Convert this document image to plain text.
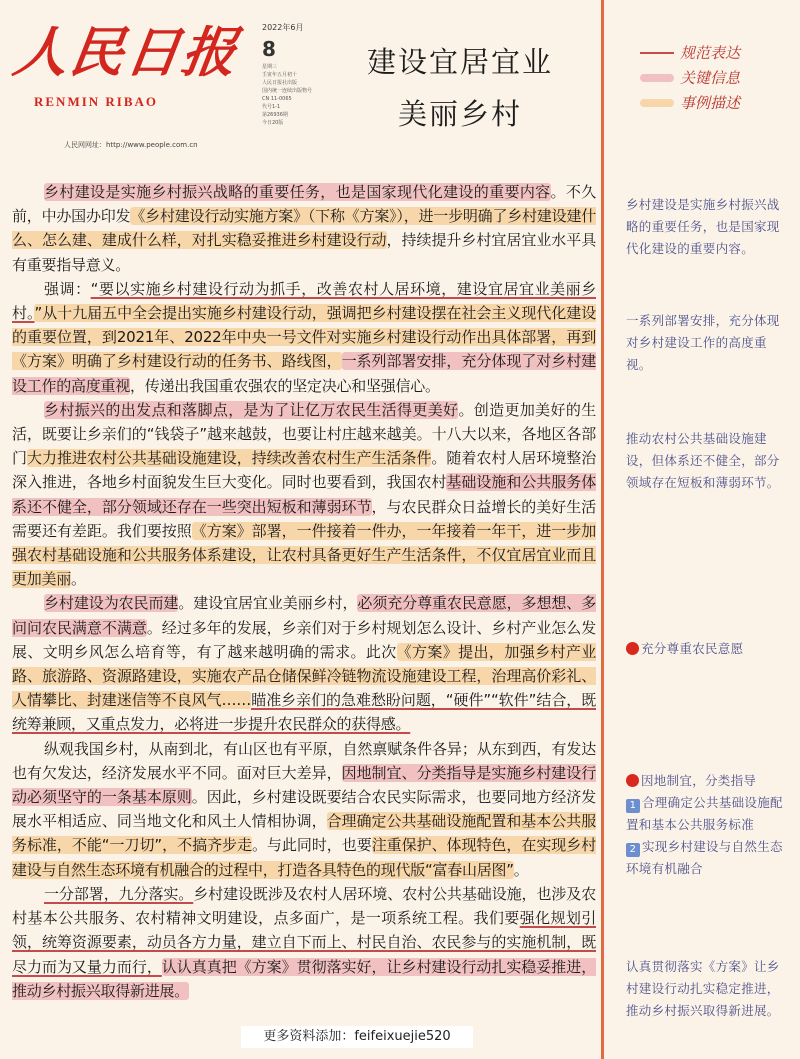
人民日报
RENMIN RIBAO
人民网网址：http://www.people.com.cn
2022年6月
8
星期三
壬寅年五月初十
人民日报社出版
国内统一连续出版物号
CN 11-0065
代号1-1
第26936期
今日20版
建设宜居宜业
美丽乡村
规范表达
关键信息
事例描述

乡村建设是实施乡村振兴战略的重要任务，也是国家现代化建设的重要内容。不久前，中办国办印发《乡村建设行动实施方案》（下称《方案》），进一步明确了乡村建设建什么、怎么建、建成什么样，对扎实稳妥推进乡村建设行动，持续提升乡村宜居宜业水平具有重要指导意义。

强调：“要以实施乡村建设行动为抓手，改善农村人居环境，建设宜居宜业美丽乡村。”从十九届五中全会提出实施乡村建设行动，强调把乡村建设摆在社会主义现代化建设的重要位置，到2021年、2022年中央一号文件对实施乡村建设行动作出具体部署，再到《方案》明确了乡村建设行动的任务书、路线图，一系列部署安排，充分体现了对乡村建设工作的高度重视，传递出我国重农强农的坚定决心和坚强信心。

乡村振兴的出发点和落脚点，是为了让亿万农民生活得更美好。创造更加美好的生活，既要让乡亲们的“钱袋子”越来越鼓，也要让村庄越来越美。十八大以来，各地区各部门大力推进农村公共基础设施建设，持续改善农村生产生活条件。随着农村人居环境整治深入推进，各地乡村面貌发生巨大变化。同时也要看到，我国农村基础设施和公共服务体系还不健全，部分领域还存在一些突出短板和薄弱环节，与农民群众日益增长的美好生活需要还有差距。我们要按照《方案》部署，一件接着一件办，一年接着一年干，进一步加强农村基础设施和公共服务体系建设，让农村具备更好生产生活条件，不仅宜居宜业而且更加美丽。

乡村建设为农民而建。建设宜居宜业美丽乡村，必须充分尊重农民意愿，多想想、多问问农民满意不满意。经过多年的发展，乡亲们对于乡村规划怎么设计、乡村产业怎么发展、文明乡风怎么培育等，有了越来越明确的需求。此次《方案》提出，加强乡村产业路、旅游路、资源路建设，实施农产品仓储保鲜冷链物流设施建设工程，治理高价彩礼、人情攀比、封建迷信等不良风气……瞄准乡亲们的急难愁盼问题，“硬件”“软件”结合，既统筹兼顾，又重点发力，必将进一步提升农民群众的获得感。

纵观我国乡村，从南到北，有山区也有平原，自然禀赋条件各异；从东到西，有发达也有欠发达，经济发展水平不同。面对巨大差异，因地制宜、分类指导是实施乡村建设行动必须坚守的一条基本原则。因此，乡村建设既要结合农民实际需求，也要同地方经济发展水平相适应、同当地文化和风土人情相协调，合理确定公共基础设施配置和基本公共服务标准，不能“一刀切”，不搞齐步走。与此同时，也要注重保护、体现特色，在实现乡村建设与自然生态环境有机融合的过程中，打造各具特色的现代版“富春山居图”。

一分部署，九分落实。乡村建设既涉及农村人居环境、农村公共基础设施，也涉及农村基本公共服务、农村精神文明建设，点多面广，是一项系统工程。我们要强化规划引领，统筹资源要素，动员各方力量，建立自下而上、村民自治、农民参与的实施机制，既尽力而为又量力而行，认认真真把《方案》贯彻落实好，让乡村建设行动扎实稳妥推进，推动乡村振兴取得新进展。

乡村建设是实施乡村振兴战略的重要任务，也是国家现代化建设的重要内容。
一系列部署安排，充分体现对乡村建设工作的高度重视。
推动农村公共基础设施建设，但体系还不健全，部分领域存在短板和薄弱环节。
充分尊重农民意愿
因地制宜，分类指导
1 合理确定公共基础设施配置和基本公共服务标准
2 实现乡村建设与自然生态环境有机融合
认真贯彻落实《方案》让乡村建设行动扎实稳定推进，推动乡村振兴取得新进展。
更多资料添加：feifeixuejie520
